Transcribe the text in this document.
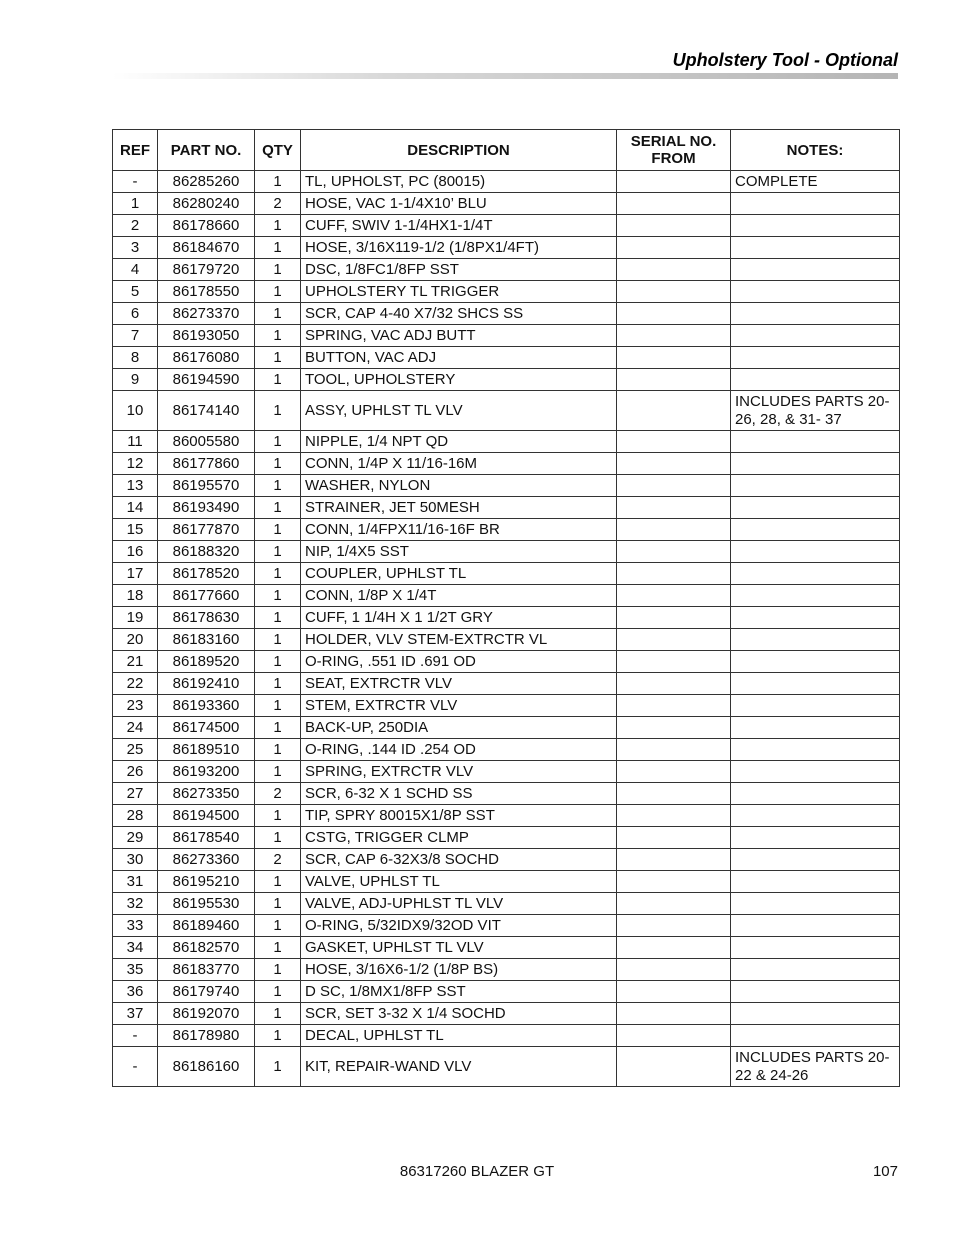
Upholstery Tool - Optional
REF	PART NO.	QTY	DESCRIPTION	SERIAL NO. FROM	NOTES:
-	86285260	1	TL, UPHOLST, PC (80015)		COMPLETE
1	86280240	2	HOSE, VAC 1-1/4X10’ BLU		
2	86178660	1	CUFF, SWIV 1-1/4HX1-1/4T		
3	86184670	1	HOSE, 3/16X119-1/2 (1/8PX1/4FT)		
4	86179720	1	DSC, 1/8FC1/8FP SST		
5	86178550	1	UPHOLSTERY TL TRIGGER		
6	86273370	1	SCR, CAP 4-40 X7/32 SHCS SS		
7	86193050	1	SPRING, VAC ADJ BUTT		
8	86176080	1	BUTTON, VAC ADJ		
9	86194590	1	TOOL, UPHOLSTERY		
10	86174140	1	ASSY, UPHLST TL VLV		INCLUDES PARTS 20-26, 28, & 31- 37
11	86005580	1	NIPPLE, 1/4 NPT QD		
12	86177860	1	CONN, 1/4P X 11/16-16M		
13	86195570	1	WASHER, NYLON		
14	86193490	1	STRAINER, JET 50MESH		
15	86177870	1	CONN, 1/4FPX11/16-16F BR		
16	86188320	1	NIP, 1/4X5 SST		
17	86178520	1	COUPLER, UPHLST TL		
18	86177660	1	CONN, 1/8P X 1/4T		
19	86178630	1	CUFF, 1 1/4H X 1 1/2T GRY		
20	86183160	1	HOLDER, VLV STEM-EXTRCTR VL		
21	86189520	1	O-RING, .551 ID .691 OD		
22	86192410	1	SEAT, EXTRCTR VLV		
23	86193360	1	STEM, EXTRCTR VLV		
24	86174500	1	BACK-UP, 250DIA		
25	86189510	1	O-RING, .144 ID .254 OD		
26	86193200	1	SPRING, EXTRCTR VLV		
27	86273350	2	SCR, 6-32 X 1 SCHD SS		
28	86194500	1	TIP, SPRY 80015X1/8P SST		
29	86178540	1	CSTG, TRIGGER CLMP		
30	86273360	2	SCR, CAP 6-32X3/8 SOCHD		
31	86195210	1	VALVE, UPHLST TL		
32	86195530	1	VALVE, ADJ-UPHLST TL VLV		
33	86189460	1	O-RING, 5/32IDX9/32OD VIT		
34	86182570	1	GASKET, UPHLST TL VLV		
35	86183770	1	HOSE, 3/16X6-1/2 (1/8P BS)		
36	86179740	1	D SC, 1/8MX1/8FP SST		
37	86192070	1	SCR, SET 3-32 X 1/4 SOCHD		
-	86178980	1	DECAL, UPHLST TL		
-	86186160	1	KIT, REPAIR-WAND VLV		INCLUDES PARTS 20-22 & 24-26
86317260 BLAZER GT	107
